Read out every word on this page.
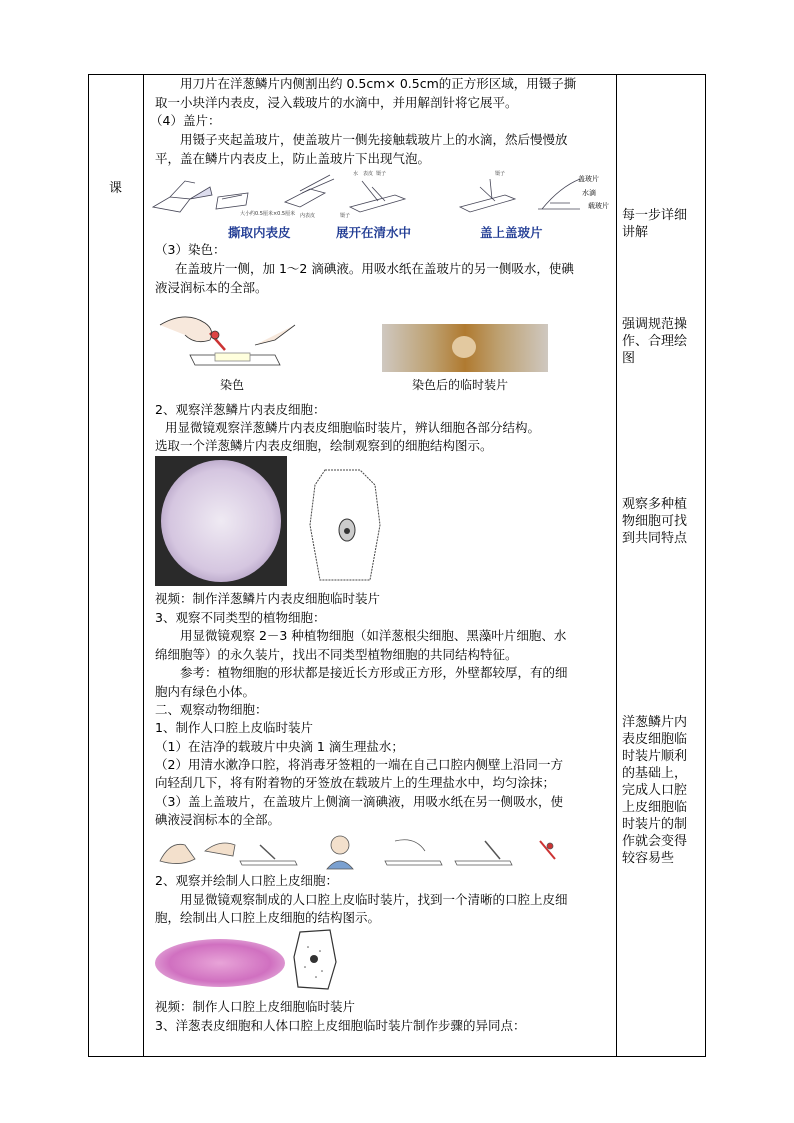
课
用刀片在洋葱鳞片内侧割出约 0.5cm× 0.5cm的正方形区域，用镊子撕
取一小块洋内表皮，浸入载玻片的水滴中，并用解剖针将它展平。
（4）盖片：
用镊子夹起盖玻片，使盖玻片一侧先接触载玻片上的水滴，然后慢慢放
平，盖在鳞片内表皮上，防止盖玻片下出现气泡。
大小约0.5厘米×0.5厘米 内表皮	镊子
水 表皮 镊子	镊子
盖玻片
水滴
载玻片
撕取内表皮	展开在清水中	盖上盖玻片
（3）染色：
在盖玻片一侧，加 1～2 滴碘液。用吸水纸在盖玻片的另一侧吸水，使碘
液浸润标本的全部。
染色	染色后的临时装片
2、观察洋葱鳞片内表皮细胞：
用显微镜观察洋葱鳞片内表皮细胞临时装片，辨认细胞各部分结构。
选取一个洋葱鳞片内表皮细胞，绘制观察到的细胞结构图示。
视频：制作洋葱鳞片内表皮细胞临时装片
3、观察不同类型的植物细胞：
用显微镜观察 2－3 种植物细胞（如洋葱根尖细胞、黑藻叶片细胞、水
绵细胞等）的永久装片，找出不同类型植物细胞的共同结构特征。
参考：植物细胞的形状都是接近长方形或正方形，外壁都较厚，有的细
胞内有绿色小体。
二、观察动物细胞：
1、制作人口腔上皮临时装片
（1）在洁净的载玻片中央滴 1 滴生理盐水；
（2）用清水漱净口腔，将消毒牙签粗的一端在自己口腔内侧壁上沿同一方
向轻刮几下，将有附着物的牙签放在载玻片上的生理盐水中，均匀涂抹；
（3）盖上盖玻片，在盖玻片上侧滴一滴碘液，用吸水纸在另一侧吸水，使
碘液浸润标本的全部。
2、观察并绘制人口腔上皮细胞：
用显微镜观察制成的人口腔上皮临时装片，找到一个清晰的口腔上皮细
胞，绘制出人口腔上皮细胞的结构图示。
视频：制作人口腔上皮细胞临时装片
3、洋葱表皮细胞和人体口腔上皮细胞临时装片制作步骤的异同点：
每一步详细
讲解
强调规范操
作、合理绘
图
观察多种植
物细胞可找
到共同特点
洋葱鳞片内
表皮细胞临
时装片顺利
的基础上，
完成人口腔
上皮细胞临
时装片的制
作就会变得
较容易些
